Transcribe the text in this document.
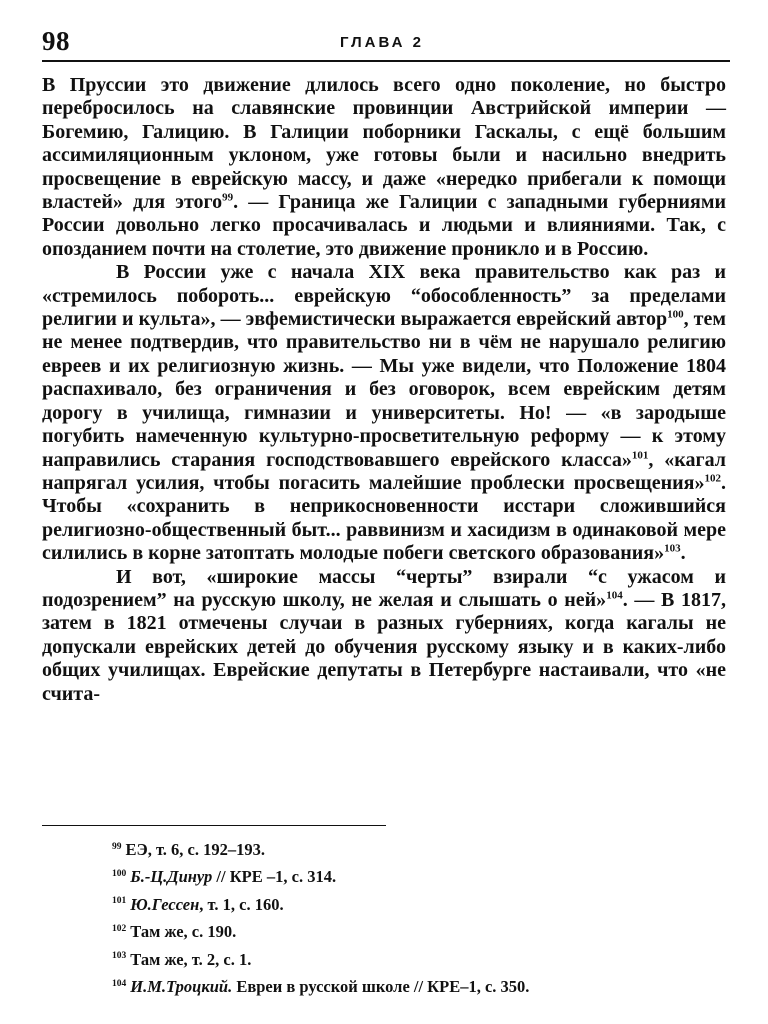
98	ГЛАВА 2

В Пруссии это движение длилось всего одно поколение, но быстро перебросилось на славянские провинции Австрийской империи — Богемию, Галицию. В Галиции поборники Гаскалы, с ещё большим ассимиляционным уклоном, уже готовы были и насильно внедрить просвещение в еврейскую массу, и даже «нередко прибегали к помощи властей» для этого$^{99}$. — Граница же Галиции с западными губерниями России довольно легко просачивалась и людьми и влияниями. Так, с опозданием почти на столетие, это движение проникло и в Россию.

В России уже с начала XIX века правительство как раз и «стремилось побороть... еврейскую “обособленность” за пределами религии и культа», — эвфемистически выражается еврейский автор$^{100}$, тем не менее подтвердив, что правительство ни в чём не нарушало религию евреев и их религиозную жизнь. — Мы уже видели, что Положение 1804 распахивало, без ограничения и без оговорок, всем еврейским детям дорогу в училища, гимназии и университеты. Но! — «в зародыше погубить намеченную культурно-просветительную реформу — к этому направились старания господствовавшего еврейского класса»$^{101}$, «кагал напрягал усилия, чтобы погасить малейшие проблески просвещения»$^{102}$. Чтобы «сохранить в неприкосновенности исстари сложившийся религиозно-общественный быт... раввинизм и хасидизм в одинаковой мере силились в корне затоптать молодые побеги светского образования»$^{103}$.

И вот, «широкие массы “черты” взирали “с ужасом и подозрением” на русскую школу, не желая и слышать о ней»$^{104}$. — В 1817, затем в 1821 отмечены случаи в разных губерниях, когда кагалы не допускали еврейских детей до обучения русскому языку и в каких-либо общих училищах. Еврейские депутаты в Петербурге настаивали, что «не счита-

$^{99}$ ЕЭ, т. 6, с. 192–193.
$^{100}$ Б.-Ц.Динур // КРЕ –1, с. 314.
$^{101}$ Ю.Гессен, т. 1, с. 160.
$^{102}$ Там же, с. 190.
$^{103}$ Там же, т. 2, с. 1.
$^{104}$ И.М.Троцкий. Евреи в русской школе // КРЕ–1, с. 350.
